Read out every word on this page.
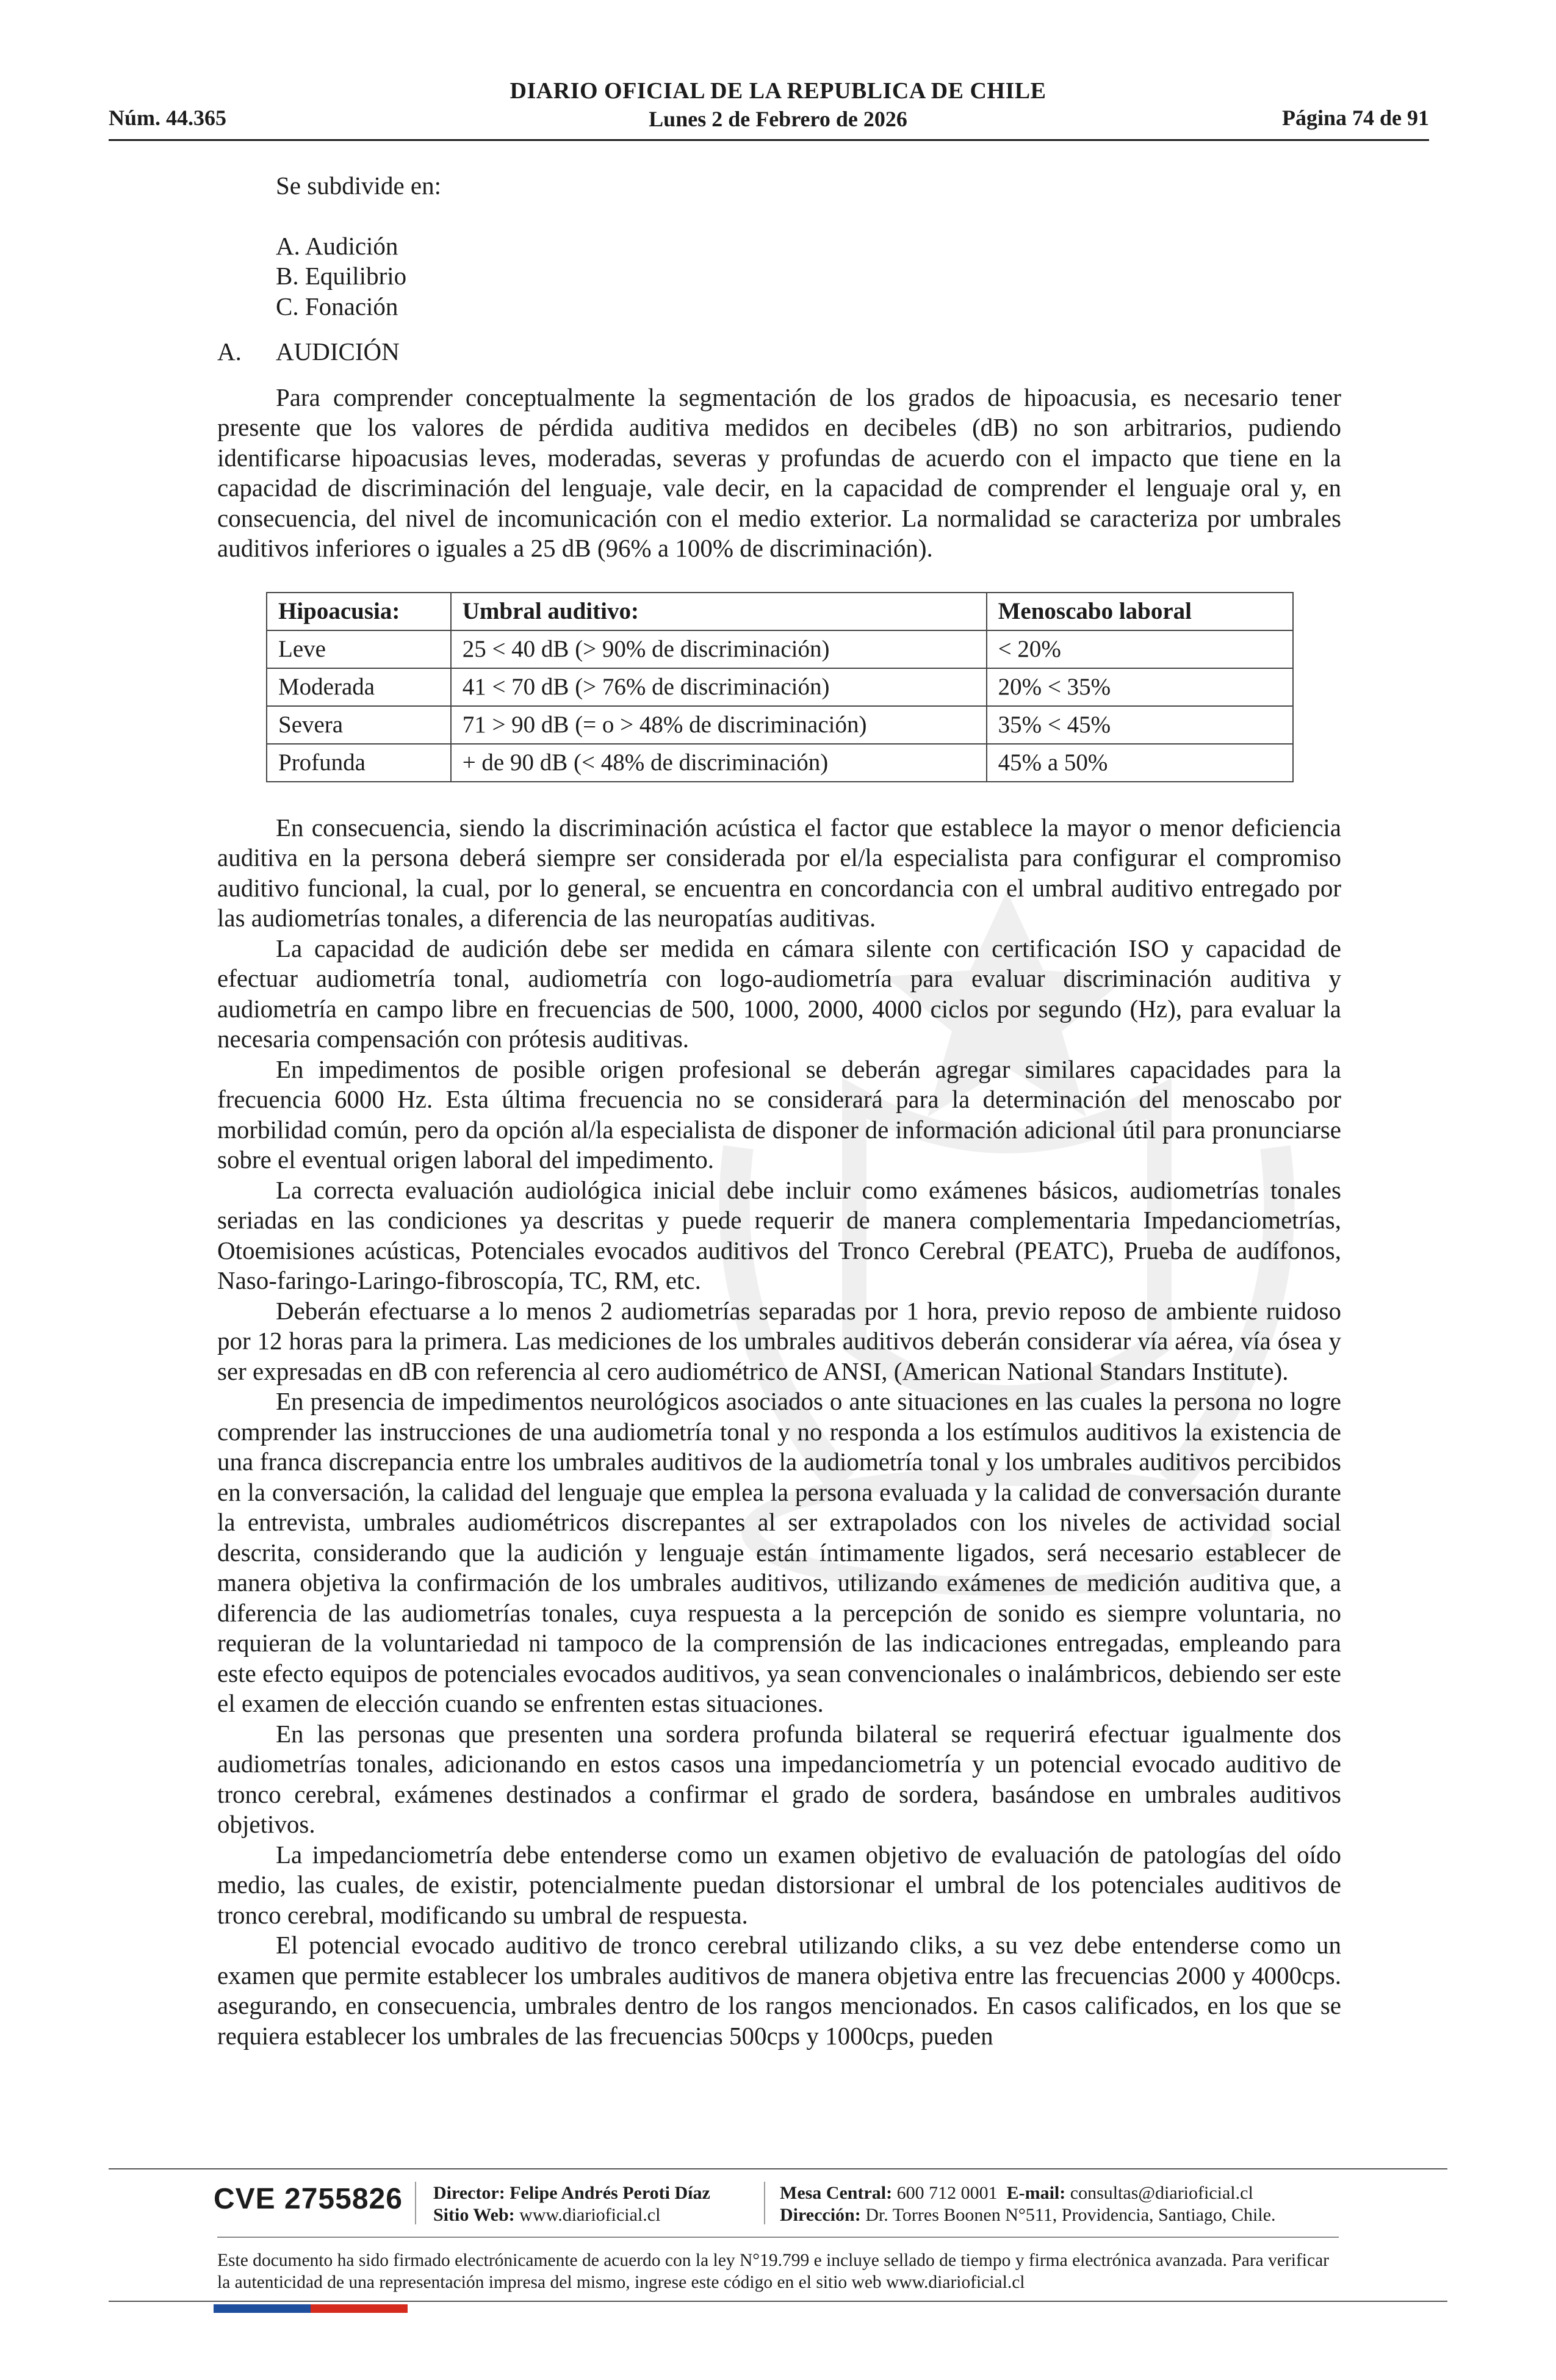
Núm. 44.365
DIARIO OFICIAL DE LA REPUBLICA DE CHILE
Lunes 2 de Febrero de 2026	Página 74 de 91
Se subdivide en:
A. Audición
B. Equilibrio
C. Fonación
A.	AUDICIÓN

Para comprender conceptualmente la segmentación de los grados de hipoacusia, es necesario tener presente que los valores de pérdida auditiva medidos en decibeles (dB) no son arbitrarios, pudiendo identificarse hipoacusias leves, moderadas, severas y profundas de acuerdo con el impacto que tiene en la capacidad de discriminación del lenguaje, vale decir, en la capacidad de comprender el lenguaje oral y, en consecuencia, del nivel de incomunicación con el medio exterior. La normalidad se caracteriza por umbrales auditivos inferiores o iguales a 25 dB (96% a 100% de discriminación).

Hipoacusia:	Umbral auditivo:	Menoscabo laboral
Leve	25 < 40 dB (> 90% de discriminación)	< 20%
Moderada	41 < 70 dB (> 76% de discriminación)	20% < 35%
Severa	71 > 90 dB (= o > 48% de discriminación)	35% < 45%
Profunda	+ de 90 dB (< 48% de discriminación)	45% a 50%

En consecuencia, siendo la discriminación acústica el factor que establece la mayor o menor deficiencia auditiva en la persona deberá siempre ser considerada por el/la especialista para configurar el compromiso auditivo funcional, la cual, por lo general, se encuentra en concordancia con el umbral auditivo entregado por las audiometrías tonales, a diferencia de las neuropatías auditivas.

La capacidad de audición debe ser medida en cámara silente con certificación ISO y capacidad de efectuar audiometría tonal, audiometría con logo-audiometría para evaluar discriminación auditiva y audiometría en campo libre en frecuencias de 500, 1000, 2000, 4000 ciclos por segundo (Hz), para evaluar la necesaria compensación con prótesis auditivas.

En impedimentos de posible origen profesional se deberán agregar similares capacidades para la frecuencia 6000 Hz. Esta última frecuencia no se considerará para la determinación del menoscabo por morbilidad común, pero da opción al/la especialista de disponer de información adicional útil para pronunciarse sobre el eventual origen laboral del impedimento.

La correcta evaluación audiológica inicial debe incluir como exámenes básicos, audiometrías tonales seriadas en las condiciones ya descritas y puede requerir de manera complementaria Impedanciometrías, Otoemisiones acústicas, Potenciales evocados auditivos del Tronco Cerebral (PEATC), Prueba de audífonos, Naso-faringo-Laringo-fibroscopía, TC, RM, etc.

Deberán efectuarse a lo menos 2 audiometrías separadas por 1 hora, previo reposo de ambiente ruidoso por 12 horas para la primera. Las mediciones de los umbrales auditivos deberán considerar vía aérea, vía ósea y ser expresadas en dB con referencia al cero audiométrico de ANSI, (American National Standars Institute).

En presencia de impedimentos neurológicos asociados o ante situaciones en las cuales la persona no logre comprender las instrucciones de una audiometría tonal y no responda a los estímulos auditivos la existencia de una franca discrepancia entre los umbrales auditivos de la audiometría tonal y los umbrales auditivos percibidos en la conversación, la calidad del lenguaje que emplea la persona evaluada y la calidad de conversación durante la entrevista, umbrales audiométricos discrepantes al ser extrapolados con los niveles de actividad social descrita, considerando que la audición y lenguaje están íntimamente ligados, será necesario establecer de manera objetiva la confirmación de los umbrales auditivos, utilizando exámenes de medición auditiva que, a diferencia de las audiometrías tonales, cuya respuesta a la percepción de sonido es siempre voluntaria, no requieran de la voluntariedad ni tampoco de la comprensión de las indicaciones entregadas, empleando para este efecto equipos de potenciales evocados auditivos, ya sean convencionales o inalámbricos, debiendo ser este el examen de elección cuando se enfrenten estas situaciones.

En las personas que presenten una sordera profunda bilateral se requerirá efectuar igualmente dos audiometrías tonales, adicionando en estos casos una impedanciometría y un potencial evocado auditivo de tronco cerebral, exámenes destinados a confirmar el grado de sordera, basándose en umbrales auditivos objetivos.

La impedanciometría debe entenderse como un examen objetivo de evaluación de patologías del oído medio, las cuales, de existir, potencialmente puedan distorsionar el umbral de los potenciales auditivos de tronco cerebral, modificando su umbral de respuesta.

El potencial evocado auditivo de tronco cerebral utilizando cliks, a su vez debe entenderse como un examen que permite establecer los umbrales auditivos de manera objetiva entre las frecuencias 2000 y 4000cps. asegurando, en consecuencia, umbrales dentro de los rangos mencionados. En casos calificados, en los que se requiera establecer los umbrales de las frecuencias 500cps y 1000cps, pueden

CVE 2755826 Director: Felipe Andrés Peroti Díaz
Sitio Web: www.diarioficial.cl
Mesa Central: 600 712 0001 E-mail: consultas@diarioficial.cl
Dirección: Dr. Torres Boonen N°511, Providencia, Santiago, Chile.
Este documento ha sido firmado electrónicamente de acuerdo con la ley N°19.799 e incluye sellado de tiempo y firma electrónica avanzada. Para verificar la autenticidad de una representación impresa del mismo, ingrese este código en el sitio web www.diarioficial.cl
